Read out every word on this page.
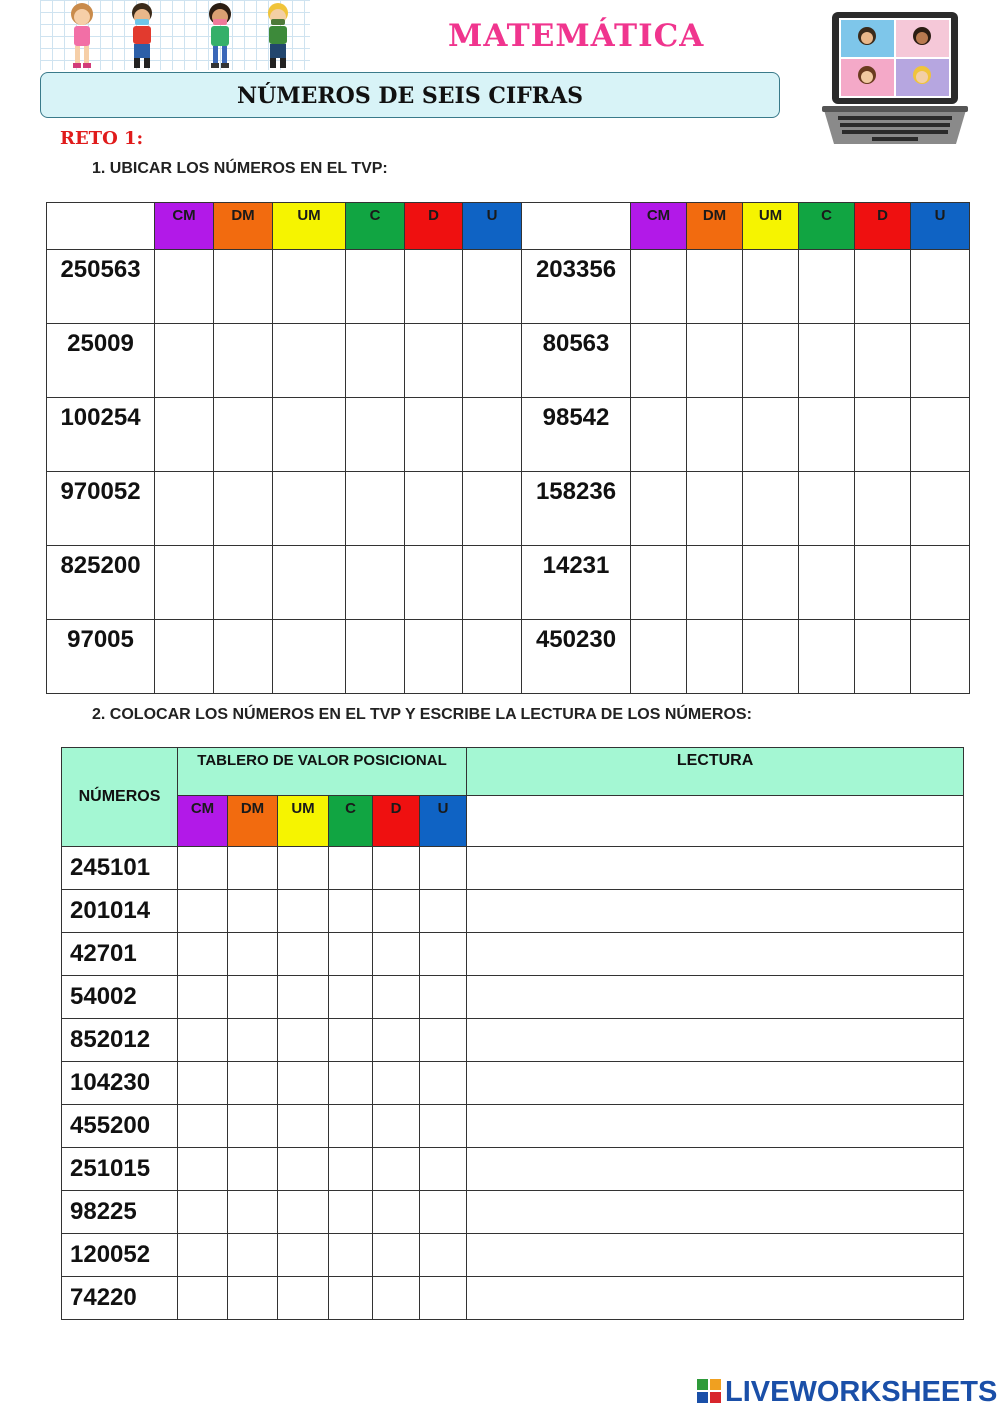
MATEMÁTICA
NÚMEROS DE SEIS CIFRAS
RETO 1:
1. UBICAR LOS NÚMEROS EN EL TVP:
	CM	DM	UM	C	D	U		CM	DM	UM	C	D	U
250563							203356						
25009							80563						
100254							98542						
970052							158236						
825200							14231						
97005							450230						
2. COLOCAR LOS NÚMEROS EN EL TVP Y ESCRIBE LA LECTURA DE LOS NÚMEROS:
NÚMEROS	TABLERO DE VALOR POSICIONAL						LECTURA
	CM	DM	UM	C	D	U	
245101							
201014							
42701							
54002							
852012							
104230							
455200							
251015							
98225							
120052							
74220							
LIVEWORKSHEETS
